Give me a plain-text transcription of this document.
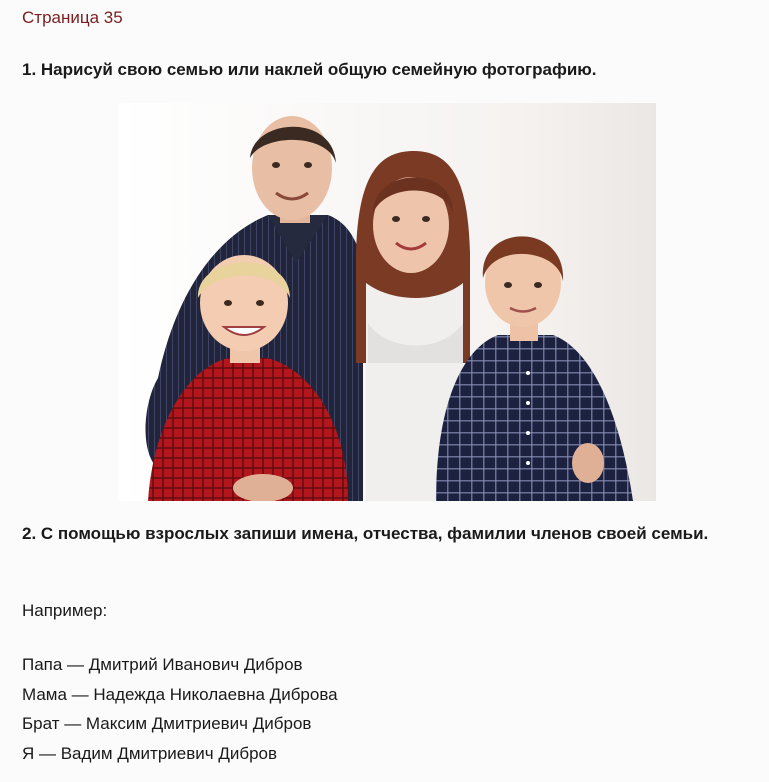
Страница 35

1. Нарисуй свою семью или наклей общую семейную фотографию.

2. С помощью взрослых запиши имена, отчества, фамилии членов своей семьи.

Например:

Папа — Дмитрий Иванович Дибров
Мама — Надежда Николаевна Диброва
Брат — Максим Дмитриевич Дибров
Я — Вадим Дмитриевич Дибров
